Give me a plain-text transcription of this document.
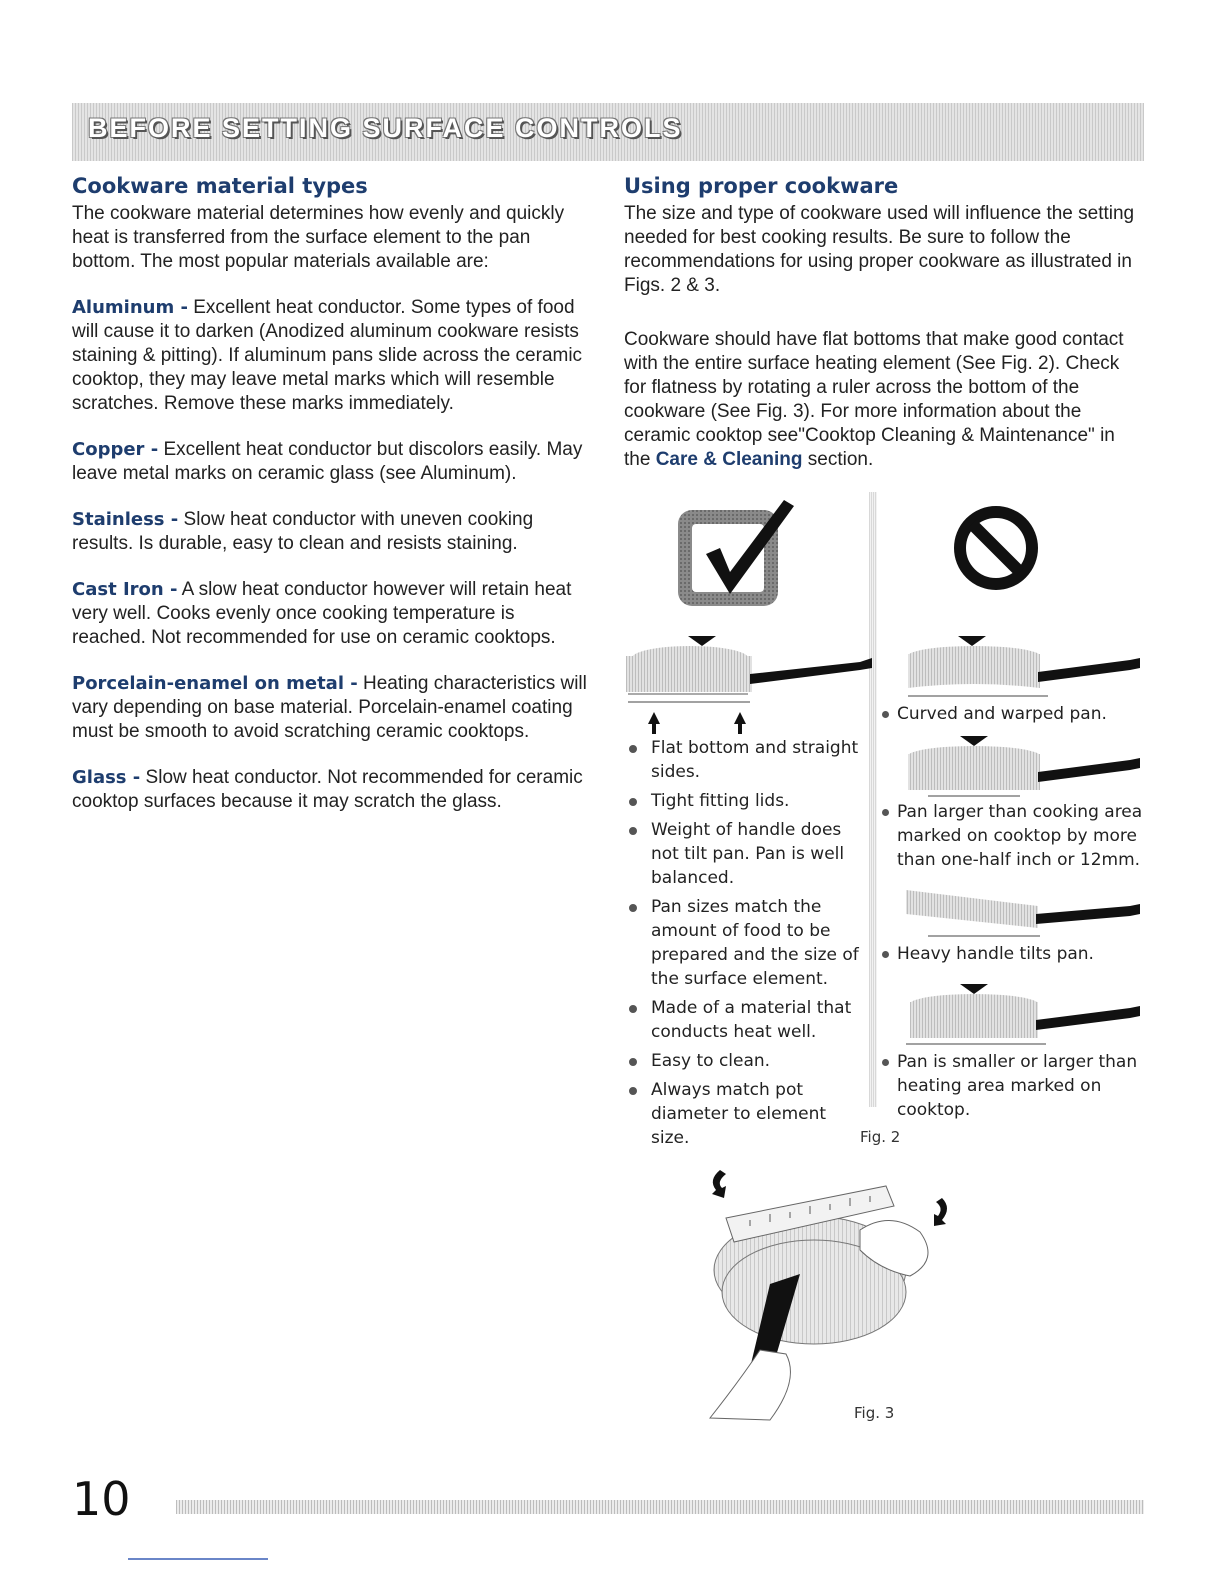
BEFORE SETTING SURFACE CONTROLS
Cookware material types

The cookware material determines how evenly and quickly heat is transferred from the surface element to the pan bottom. The most popular materials available are:

Aluminum - Excellent heat conductor. Some types of food will cause it to darken (Anodized aluminum cookware resists staining & pitting). If aluminum pans slide across the ceramic cooktop, they may leave metal marks which will resemble scratches. Remove these marks immediately.

Copper - Excellent heat conductor but discolors easily. May leave metal marks on ceramic glass (see Aluminum).

Stainless - Slow heat conductor with uneven cooking results. Is durable, easy to clean and resists staining.

Cast Iron - A slow heat conductor however will retain heat very well. Cooks evenly once cooking temperature is reached. Not recommended for use on ceramic cooktops.

Porcelain-enamel on metal - Heating characteristics will vary depending on base material. Porcelain-enamel coating must be smooth to avoid scratching ceramic cooktops.

Glass - Slow heat conductor. Not recommended for ceramic cooktop surfaces because it may scratch the glass.

Using proper cookware

The size and type of cookware used will influence the setting needed for best cooking results. Be sure to follow the recommendations for using proper cookware as illustrated in Figs. 2 & 3.

Cookware should have flat bottoms that make good contact with the entire surface heating element (See Fig. 2). Check for flatness by rotating a ruler across the bottom of the cookware (See Fig. 3). For more information about the ceramic cooktop see"Cooktop Cleaning & Maintenance" in the Care & Cleaning section.

Flat bottom and straight sides.
Tight fitting lids.
Weight of handle does not tilt pan. Pan is well balanced.
Pan sizes match the amount of food to be prepared and the size of the surface element.
Made of a material that conducts heat well.
Easy to clean.
Always match pot diameter to element size.
Curved and warped pan.
Pan larger than cooking area marked on cooktop by more than one-half inch or 12mm.
Heavy handle tilts pan.
Pan is smaller or larger than heating area marked on cooktop.
Fig. 2
Fig. 3
10
